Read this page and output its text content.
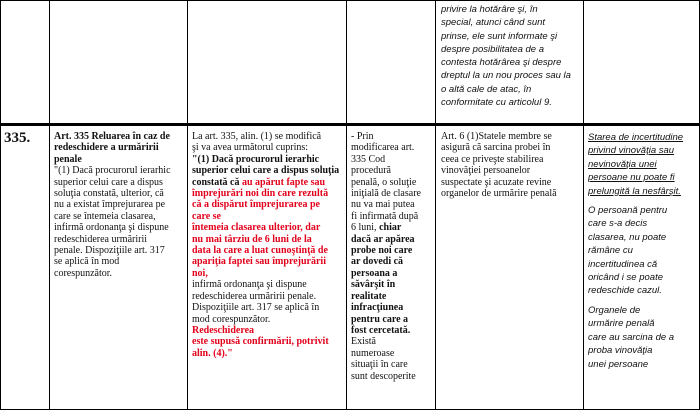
privire la hotărâre şi, în
special, atunci când sunt
prinse, ele sunt informate şi
despre posibilitatea de a
contesta hotărârea şi despre
dreptul la un nou proces sau la
o altă cale de atac, în
conformitate cu articolul 9.

335.	Art. 335 Reluarea în caz de
redeschidere a urmăririi
penale

"(1) Dacă procurorul ierarhic
superior celui care a dispus
soluţia constată, ulterior, că
nu a existat împrejurarea pe
care se întemeia clasarea,
infirmă ordonanţa şi dispune
redeschiderea urmăririi
penale. Dispoziţiile art. 317
se aplică în mod
corespunzător.

La art. 335, alin. (1) se modifică
şi va avea următorul cuprins:

"(1) Dacă procurorul ierarhic
superior celui care a dispus soluţia
constată că au apărut fapte sau
împrejurări noi din care rezultă
că a dispărut împrejurarea pe
care se
întemeia clasarea ulterior, dar
nu mai târziu de 6 luni de la
data la care a luat cunoştinţă de
apariţia faptei sau împrejurării
noi,

infirmă ordonanţa şi dispune
redeschiderea urmăririi penale.
Dispoziţiile art. 317 se aplică în
mod corespunzător.

Redeschiderea
este supusă confirmării, potrivit
alin. (4)."

- Prin
modificarea art.
335 Cod
procedură
penală, o soluţie
iniţială de clasare
nu va mai putea
fi infirmată după
6 luni, chiar
dacă ar apărea
probe noi care
ar dovedi că
persoana a
săvârşit în
realitate
infracţiunea
pentru care a
fost cercetată.

Există
numeroase
situaţii în care
sunt descoperite

Art. 6 (1)Statele membre se
asigură că sarcina probei în
ceea ce priveşte stabilirea
vinovăţiei persoanelor
suspectate şi acuzate revine
organelor de urmărire penală

Starea de incertitudine
privind vinovăţia sau
nevinovăţia unei
persoane nu poate fi
prelungită la nesfârşit.

O persoană pentru
care s-a decis
clasarea, nu poate
rămâne cu
incertitudinea că
oricând i se poate
redeschide cazul.

Organele de
urmărire penală
care au sarcina de a
proba vinovăţia
unei persoane
